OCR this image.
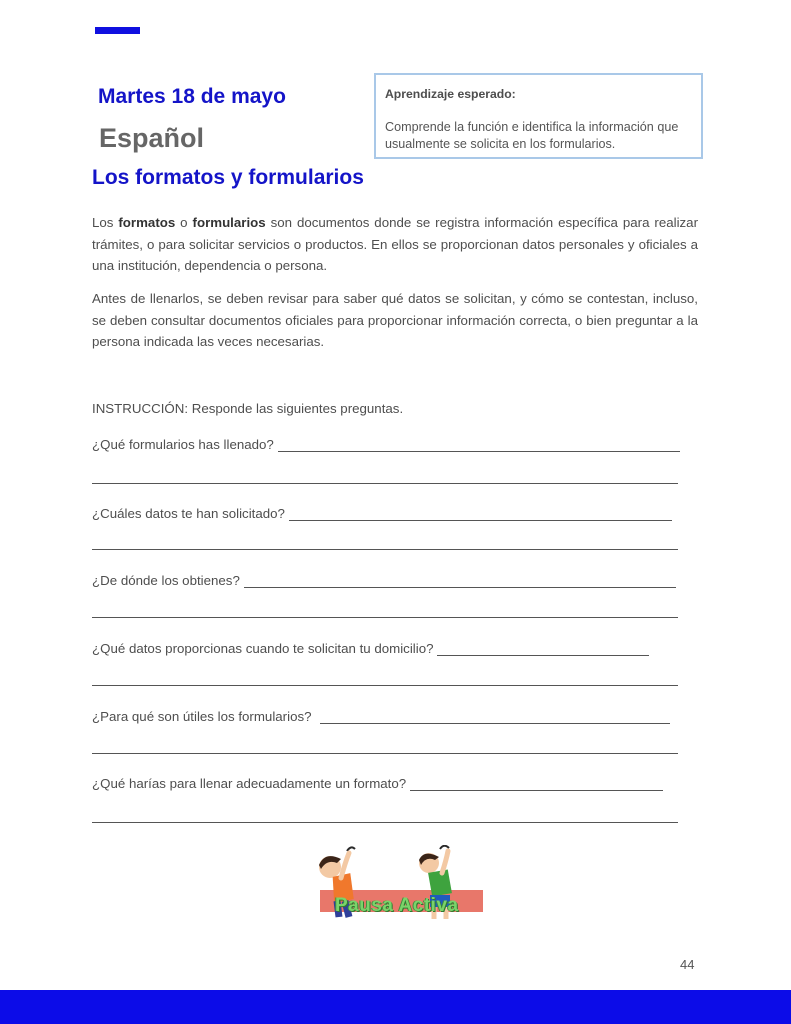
Martes 18 de mayo
Español
Los formatos y formularios
Aprendizaje esperado:
Comprende la función e identifica la información que usualmente se solicita en los formularios.
Los formatos o formularios son documentos donde se registra información específica para realizar trámites, o para solicitar servicios o productos. En ellos se proporcionan datos personales y oficiales a una institución, dependencia o persona.
Antes de llenarlos, se deben revisar para saber qué datos se solicitan, y cómo se contestan, incluso, se deben consultar documentos oficiales para proporcionar información correcta, o bien preguntar a la persona indicada las veces necesarias.
INSTRUCCIÓN: Responde las siguientes preguntas.
¿Qué formularios has llenado?
¿Cuáles datos te han solicitado?
¿De dónde los obtienes?
¿Qué datos proporcionas cuando te solicitan tu domicilio?
¿Para qué son útiles los formularios?
¿Qué harías para llenar adecuadamente un formato?
Pausa Activa
44
